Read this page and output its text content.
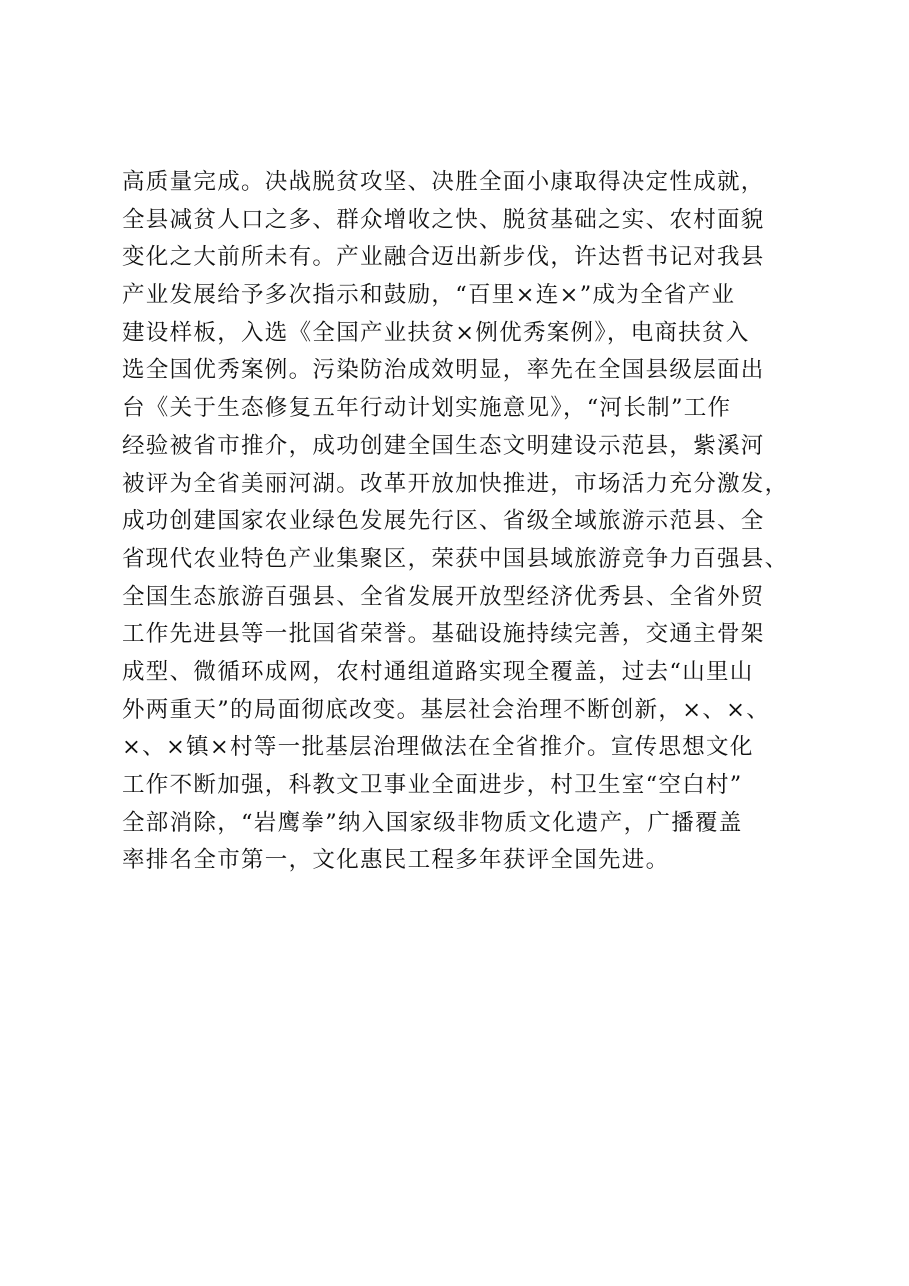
高质量完成。决战脱贫攻坚、决胜全面小康取得决定性成就，
全县减贫人口之多、群众增收之快、脱贫基础之实、农村面貌
变化之大前所未有。产业融合迈出新步伐，许达哲书记对我县
产业发展给予多次指示和鼓励，“百里×连×”成为全省产业
建设样板，入选《全国产业扶贫×例优秀案例》，电商扶贫入
选全国优秀案例。污染防治成效明显，率先在全国县级层面出
台《关于生态修复五年行动计划实施意见》，“河长制”工作
经验被省市推介，成功创建全国生态文明建设示范县，紫溪河
被评为全省美丽河湖。改革开放加快推进，市场活力充分激发，
成功创建国家农业绿色发展先行区、省级全域旅游示范县、全
省现代农业特色产业集聚区，荣获中国县域旅游竞争力百强县、
全国生态旅游百强县、全省发展开放型经济优秀县、全省外贸
工作先进县等一批国省荣誉。基础设施持续完善，交通主骨架
成型、微循环成网，农村通组道路实现全覆盖，过去“山里山
外两重天”的局面彻底改变。基层社会治理不断创新，×、×、
×、×镇×村等一批基层治理做法在全省推介。宣传思想文化
工作不断加强，科教文卫事业全面进步，村卫生室“空白村”
全部消除，“岩鹰拳”纳入国家级非物质文化遗产，广播覆盖
率排名全市第一，文化惠民工程多年获评全国先进。
